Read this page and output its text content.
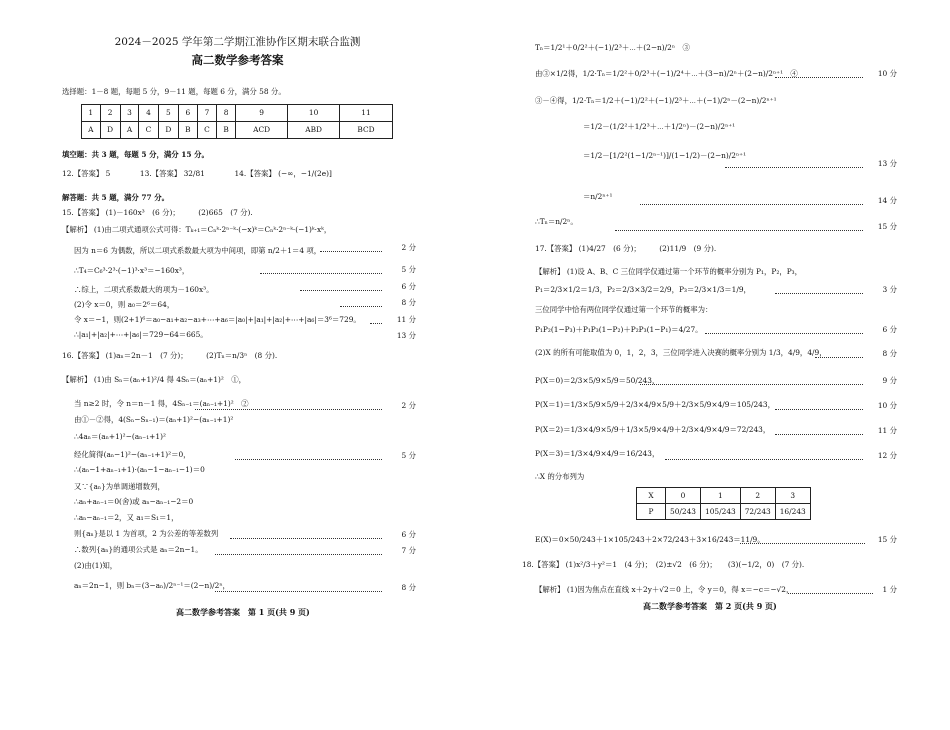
2024－2025 学年第二学期江淮协作区期末联合监测
高二数学参考答案
选择题：1－8 题，每题 5 分，9－11 题，每题 6 分，满分 58 分。
1	2	3	4	5	6	7	8	9	10	11
A	D	A	C	D	B	C	B	ACD	ABD	BCD
填空题：共 3 题，每题 5 分，满分 15 分。
12.【答案】 5　　　　13.【答案】 32/81　　　　14.【答案】 (−∞，−1/(2e)]
解答题：共 5 题，满分 77 分。
15.【答案】 (1)－160x³　(6 分)；　　　(2)665　(7 分).
16.【答案】 (1)aₙ＝2n－1　(7 分)；　　　(2)Tₙ＝n/3ⁿ　(8 分).
高二数学参考答案　第 1 页(共 9 页)
【解析】 (1)由二项式通项公式可得：Tₖ₊₁＝Cₙᵏ·2ⁿ⁻ᵏ·(−x)ᵏ＝Cₙᵏ·2ⁿ⁻ᵏ·(−1)ᵏ·xᵏ，
因为 n＝6 为偶数，所以二项式系数最大项为中间项，即第 n/2＋1＝4 项，
∴T₄＝C₆³·2³·(−1)³·x³＝−160x³，
∴综上，二项式系数最大的项为－160x³。
(2)令 x＝0，则 a₀＝2⁶＝64，
令 x＝−1，则(2+1)⁶＝a₀−a₁+a₂−a₃+⋯+a₆＝|a₀|+|a₁|+|a₂|+⋯+|a₆|＝3⁶＝729。
∴|a₁|+|a₂|+⋯+|a₆|＝729−64＝665。
2 分
5 分
6 分
8 分
11 分
13 分
【解析】 (1)由 Sₙ＝(aₙ+1)²/4 得 4Sₙ＝(aₙ+1)²　①，
当 n≥2 时，令 n＝n－1 得，4Sₙ₋₁＝(aₙ₋₁+1)²　②
由①－②得，4(Sₙ−Sₙ₋₁)＝(aₙ+1)²−(aₙ₋₁+1)²
∴4aₙ＝(aₙ+1)²−(aₙ₋₁+1)²
经化简得(aₙ−1)²−(aₙ₋₁+1)²＝0，
∴(aₙ−1+aₙ₋₁+1)·(aₙ−1−aₙ₋₁−1)＝0
又∵{aₙ}为单调递增数列，
∴aₙ+aₙ₋₁＝0(舍)或 aₙ−aₙ₋₁−2＝0
∴aₙ−aₙ₋₁＝2，又 a₁＝S₁＝1，
则{aₙ}是以 1 为首项，2 为公差的等差数列
∴数列{aₙ}的通项公式是 aₙ＝2n−1。
(2)由(1)知，
aₙ＝2n−1，则 bₙ＝(3−aₙ)/2ⁿ⁻¹＝(2−n)/2ⁿ，
2 分
5 分
6 分
7 分
8 分
17.【答案】 (1)4/27　(6 分)；　　　(2)11/9　(9 分).
X	0	1	2	3
P	50/243	105/243	72/243	16/243
E(X)＝0×50/243＋1×105/243＋2×72/243＋3×16/243＝11/9。	15 分
18.【答案】 (1)x²/3＋y²＝1　(4 分)；　(2)±√2　(6 分)；　　(3)(−1/2，0)　(7 分).
【解析】 (1)因为焦点在直线 x＋2y＋√2＝0 上，令 y＝0，得 x＝−c＝−√2，	1 分
高二数学参考答案　第 2 页(共 9 页)
Tₙ＝1/2¹＋0/2²＋(−1)/2³＋⋯＋(2−n)/2ⁿ　③
由③×1/2得，1/2·Tₙ＝1/2²＋0/2³＋(−1)/2⁴＋⋯＋(3−n)/2ⁿ＋(2−n)/2ⁿ⁺¹　④
③－④得，1/2·Tₙ＝1/2＋(−1)/2²＋(−1)/2³＋⋯＋(−1)/2ⁿ－(2−n)/2ⁿ⁺¹
＝1/2－(1/2²＋1/2³＋⋯＋1/2ⁿ)－(2−n)/2ⁿ⁺¹
＝1/2－[1/2²(1−1/2ⁿ⁻¹)]/(1−1/2)－(2−n)/2ⁿ⁺¹
＝n/2ⁿ⁺¹
∴Tₙ＝n/2ⁿ。
10 分
13 分
14 分
15 分
【解析】 (1)设 A、B、C 三位同学仅通过第一个环节的概率分别为 P₁，P₂，P₃，
P₁＝2/3×1/2＝1/3，P₂＝2/3×3/2＝2/9，P₃＝2/3×1/3＝1/9，
三位同学中恰有两位同学仅通过第一个环节的概率为：
P₁P₂(1−P₃)＋P₁P₃(1−P₂)＋P₂P₃(1−P₁)＝4/27。
(2)X 的所有可能取值为 0，1，2，3，三位同学进入决赛的概率分别为 1/3，4/9，4/9，
P(X＝0)＝2/3×5/9×5/9＝50/243，
P(X＝1)＝1/3×5/9×5/9＋2/3×4/9×5/9＋2/3×5/9×4/9＝105/243，
P(X＝2)＝1/3×4/9×5/9＋1/3×5/9×4/9＋2/3×4/9×4/9＝72/243，
P(X＝3)＝1/3×4/9×4/9＝16/243，
∴X 的分布列为
3 分
6 分
8 分
9 分
10 分
11 分
12 分
